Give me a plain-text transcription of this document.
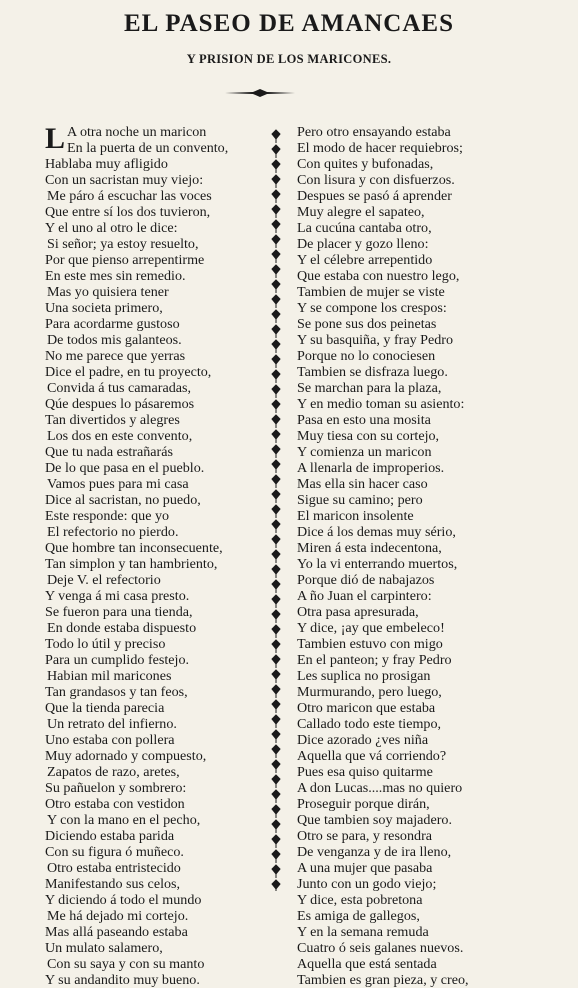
EL PASEO DE AMANCAES
Y PRISION DE LOS MARICONES.
L A otra noche un maricon
En la puerta de un convento,
Hablaba muy afligido
Con un sacristan muy viejo:
Me páro á escuchar las voces
Que entre sí los dos tuvieron,
Y el uno al otro le dice:
Si señor; ya estoy resuelto,
Por que pienso arrepentirme
En este mes sin remedio.
Mas yo quisiera tener
Una societa primero,
Para acordarme gustoso
De todos mis galanteos.
No me parece que yerras
Dice el padre, en tu proyecto,
Convida á tus camaradas,
Qúe despues lo pásaremos
Tan divertidos y alegres
Los dos en este convento,
Que tu nada estrañarás
De lo que pasa en el pueblo.
Vamos pues para mi casa
Dice al sacristan, no puedo,
Este responde: que yo
El refectorio no pierdo.
Que hombre tan inconsecuente,
Tan simplon y tan hambriento,
Deje V. el refectorio
Y venga á mi casa presto.
Se fueron para una tienda,
En donde estaba dispuesto
Todo lo útil y preciso
Para un cumplido festejo.
Habian mil maricones
Tan grandasos y tan feos,
Que la tienda parecia
Un retrato del infierno.
Uno estaba con pollera
Muy adornado y compuesto,
Zapatos de razo, aretes,
Su pañuelon y sombrero:
Otro estaba con vestidon
Y con la mano en el pecho,
Diciendo estaba parida
Con su figura ó muñeco.
Otro estaba entristecido
Manifestando sus celos,
Y diciendo á todo el mundo
Me há dejado mi cortejo.
Mas allá paseando estaba
Un mulato salamero,
Con su saya y con su manto
Y su andandito muy bueno.
Pero otro ensayando estaba
El modo de hacer requiebros;
Con quites y bufonadas,
Con lisura y con disfuerzos.
Despues se pasó á aprender
Muy alegre el sapateo,
La cucúna cantaba otro,
De placer y gozo lleno:
Y el célebre arrepentido
Que estaba con nuestro lego,
Tambien de mujer se viste
Y se compone los crespos:
Se pone sus dos peinetas
Y su basquiña, y fray Pedro
Porque no lo conociesen
Tambien se disfraza luego.
Se marchan para la plaza,
Y en medio toman su asiento:
Pasa en esto una mosita
Muy tiesa con su cortejo,
Y comienza un maricon
A llenarla de improperios.
Mas ella sin hacer caso
Sigue su camino; pero
El maricon insolente
Dice á los demas muy sério,
Miren á esta indecentona,
Yo la vi enterrando muertos,
Porque dió de nabajazos
A ño Juan el carpintero:
Otra pasa apresurada,
Y dice, ¡ay que embeleco!
Tambien estuvo con migo
En el panteon; y fray Pedro
Les suplica no prosigan
Murmurando, pero luego,
Otro maricon que estaba
Callado todo este tiempo,
Dice azorado ¿ves niña
Aquella que vá corriendo?
Pues esa quiso quitarme
A don Lucas....mas no quiero
Proseguir porque dirán,
Que tambien soy majadero.
Otro se para, y resondra
De venganza y de ira lleno,
A una mujer que pasaba
Junto con un godo viejo;
Y dice, esta pobretona
Es amiga de gallegos,
Y en la semana remuda
Cuatro ó seis galanes nuevos.
Aquella que está sentada
Tambien es gran pieza, y creo,
